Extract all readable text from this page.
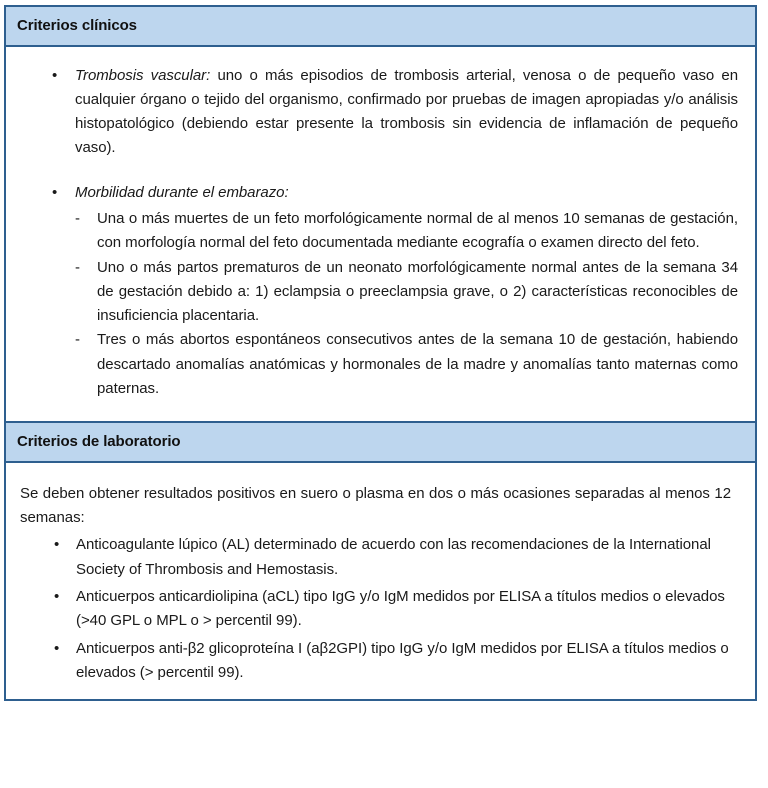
Criterios clínicos
• Trombosis vascular: uno o más episodios de trombosis arterial, venosa o de pequeño vaso en cualquier órgano o tejido del organismo, confirmado por pruebas de imagen apropiadas y/o análisis histopatológico (debiendo estar presente la trombosis sin evidencia de inflamación de pequeño vaso).
• Morbilidad durante el embarazo:
- Una o más muertes de un feto morfológicamente normal de al menos 10 semanas de gestación, con morfología normal del feto documentada mediante ecografía o examen directo del feto.
- Uno o más partos prematuros de un neonato morfológicamente normal antes de la semana 34 de gestación debido a: 1) eclampsia o preeclampsia grave, o 2) características reconocibles de insuficiencia placentaria.
- Tres o más abortos espontáneos consecutivos antes de la semana 10 de gestación, habiendo descartado anomalías anatómicas y hormonales de la madre y anomalías tanto maternas como paternas.
Criterios de laboratorio

Se deben obtener resultados positivos en suero o plasma en dos o más ocasiones separadas al menos 12 semanas:

• Anticoagulante lúpico (AL) determinado de acuerdo con las recomendaciones de la International Society of Thrombosis and Hemostasis.
• Anticuerpos anticardiolipina (aCL) tipo IgG y/o IgM medidos por ELISA a títulos medios o elevados (>40 GPL o MPL o > percentil 99).
• Anticuerpos anti-β2 glicoproteína I (aβ2GPI) tipo IgG y/o IgM medidos por ELISA a títulos medios o elevados (> percentil 99).
